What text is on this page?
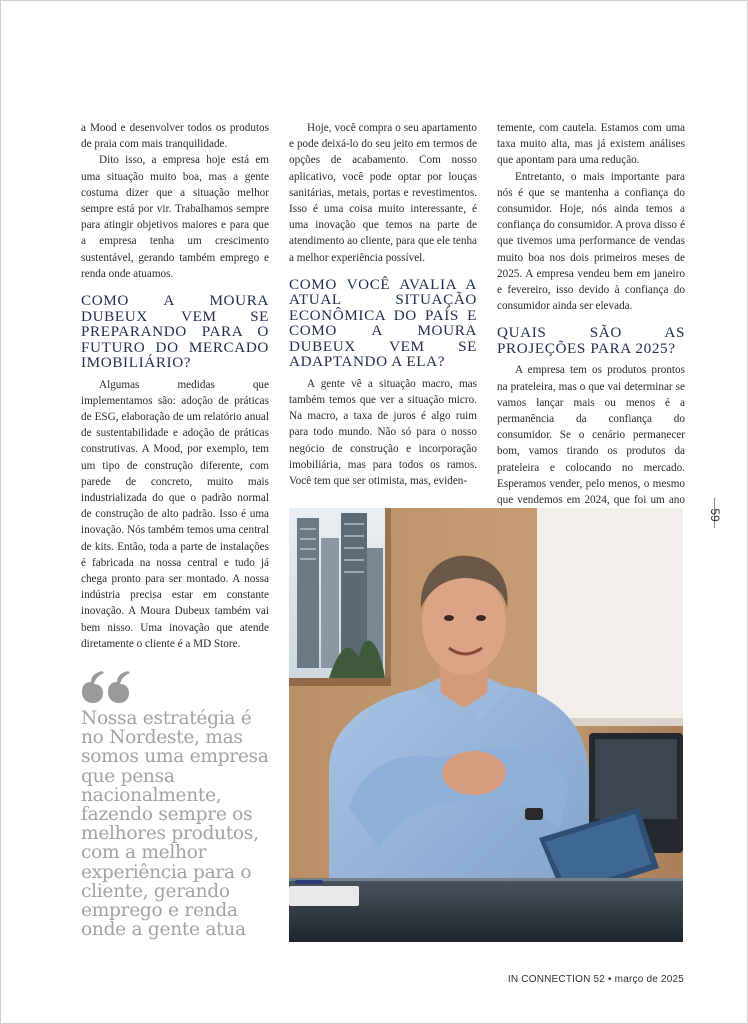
a Mood e desenvolver todos os produtos de praia com mais tranquilidade.

Dito isso, a empresa hoje está em uma situação muito boa, mas a gente costuma dizer que a situação melhor sempre está por vir. Trabalhamos sempre para atingir objetivos maiores e para que a empresa tenha um crescimento sustentável, gerando também emprego e renda onde atuamos.

COMO A MOURA DUBEUX VEM SE PREPARANDO PARA O FUTURO DO MERCADO IMOBILIÁRIO?

Algumas medidas que implementamos são: adoção de práticas de ESG, elaboração de um relatório anual de sustentabilidade e adoção de práticas construtivas. A Mood, por exemplo, tem um tipo de construção diferente, com parede de concreto, muito mais industrializada do que o padrão normal de construção de alto padrão. Isso é uma inovação. Nós também temos uma central de kits. Então, toda a parte de instalações é fabricada na nossa central e tudo já chega pronto para ser montado. A nossa indústria precisa estar em constante inovação. A Moura Dubeux também vai bem nisso. Uma inovação que atende diretamente o cliente é a MD Store.

Hoje, você compra o seu apartamento e pode deixá-lo do seu jeito em termos de opções de acabamento. Com nosso aplicativo, você pode optar por louças sanitárias, metais, portas e revestimentos. Isso é uma coisa muito interessante, é uma inovação que temos na parte de atendimento ao cliente, para que ele tenha a melhor experiência possível.

COMO VOCÊ AVALIA A ATUAL SITUAÇÃO ECONÔMICA DO PAÍS E COMO A MOURA DUBEUX VEM SE ADAPTANDO A ELA?

A gente vê a situação macro, mas também temos que ver a situação micro. Na macro, a taxa de juros é algo ruim para todo mundo. Não só para o nosso negócio de construção e incorporação imobiliária, mas para todos os ramos. Você tem que ser otimista, mas, eviden-

temente, com cautela. Estamos com uma taxa muito alta, mas já existem análises que apontam para uma redução.

Entretanto, o mais importante para nós é que se mantenha a confiança do consumidor. Hoje, nós ainda temos a confiança do consumidor. A prova disso é que tivemos uma performance de vendas muito boa nos dois primeiros meses de 2025. A empresa vendeu bem em janeiro e fevereiro, isso devido à confiança do consumidor ainda ser elevada.

QUAIS SÃO AS PROJEÇÕES PARA 2025?

A empresa tem os produtos prontos na prateleira, mas o que vai determinar se vamos lançar mais ou menos é a permanência da confiança do consumidor. Se o cenário permanecer bom, vamos tirando os produtos da prateleira e colocando no mercado. Esperamos vender, pelo menos, o mesmo que vendemos em 2024, que foi um ano

Nossa estratégia é no Nordeste, mas somos uma empresa que pensa nacionalmente, fazendo sempre os melhores produtos, com a melhor experiência para o cliente, gerando emprego e renda onde a gente atua
59
IN CONNECTION 52 • março de 2025
